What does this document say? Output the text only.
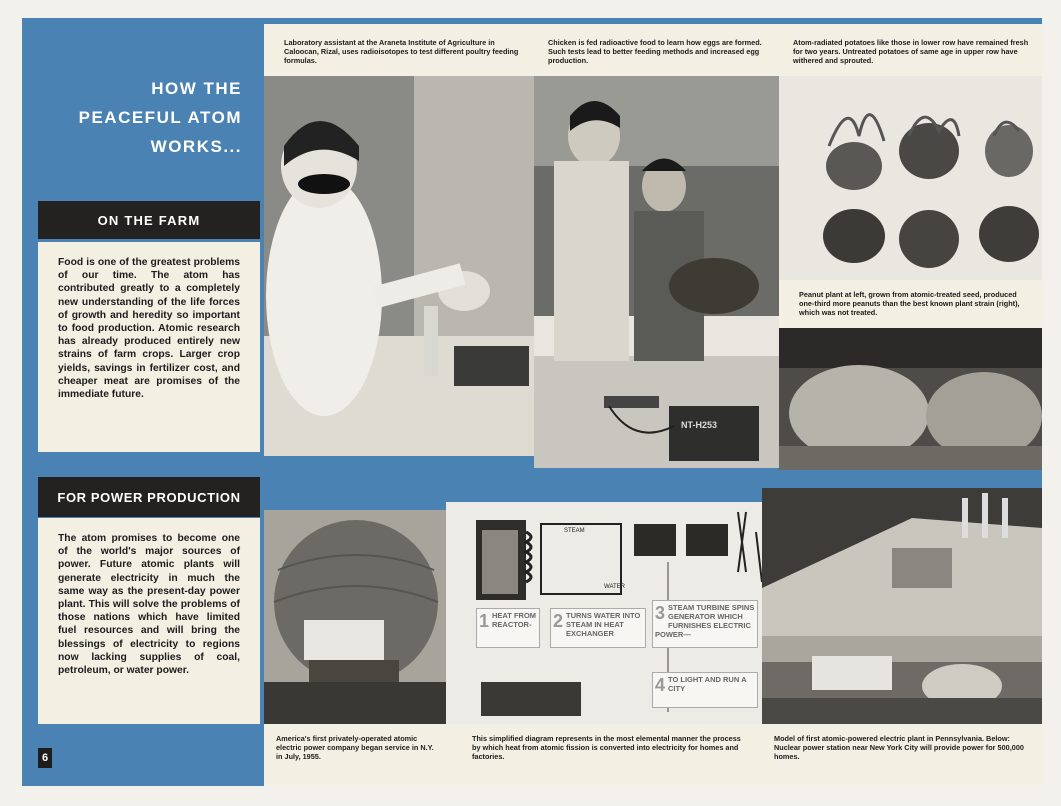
HOW THE
PEACEFUL ATOM
WORKS...
Laboratory assistant at the Araneta Institute of Agriculture in Caloocan, Rizal, uses radioisotopes to test different poultry feeding formulas.
Chicken is fed radioactive food to learn how eggs are formed. Such tests lead to better feeding methods and increased egg production.
Atom-radiated potatoes like those in lower row have remained fresh for two years. Untreated potatoes of same age in upper row have withered and sprouted.
ON THE FARM
Food is one of the greatest problems of our time. The atom has contributed greatly to a completely new understanding of the life forces of growth and heredity so important to food production. Atomic research has already produced entirely new strains of farm crops. Larger crop yields, savings in fertilizer cost, and cheaper meat are promises of the immediate future.
NT-H253
Peanut plant at left, grown from atomic-treated seed, produced one-third more peanuts than the best known plant strain (right), which was not treated.
FOR POWER PRODUCTION
The atom promises to become one of the world's major sources of power. Future atomic plants will generate electricity in much the same way as the present-day power plant. This will solve the problems of those nations which have limited fuel resources and will bring the blessings of electricity to regions now lacking supplies of coal, petroleum, or water power.
STEAM
WATER
1 HEAT FROM REACTOR-	2 TURNS WATER INTO STEAM IN HEAT EXCHANGER
3 STEAM TURBINE SPINS GENERATOR WHICH FURNISHES ELECTRIC POWER—
4 TO LIGHT AND RUN A CITY
America's first privately-operated atomic electric power company began service in N.Y. in July, 1955.
This simplified diagram represents in the most elemental manner the process by which heat from atomic fission is converted into electricity for homes and factories.
Model of first atomic-powered electric plant in Pennsylvania. Below: Nuclear power station near New York City will provide power for 500,000 homes.
6
